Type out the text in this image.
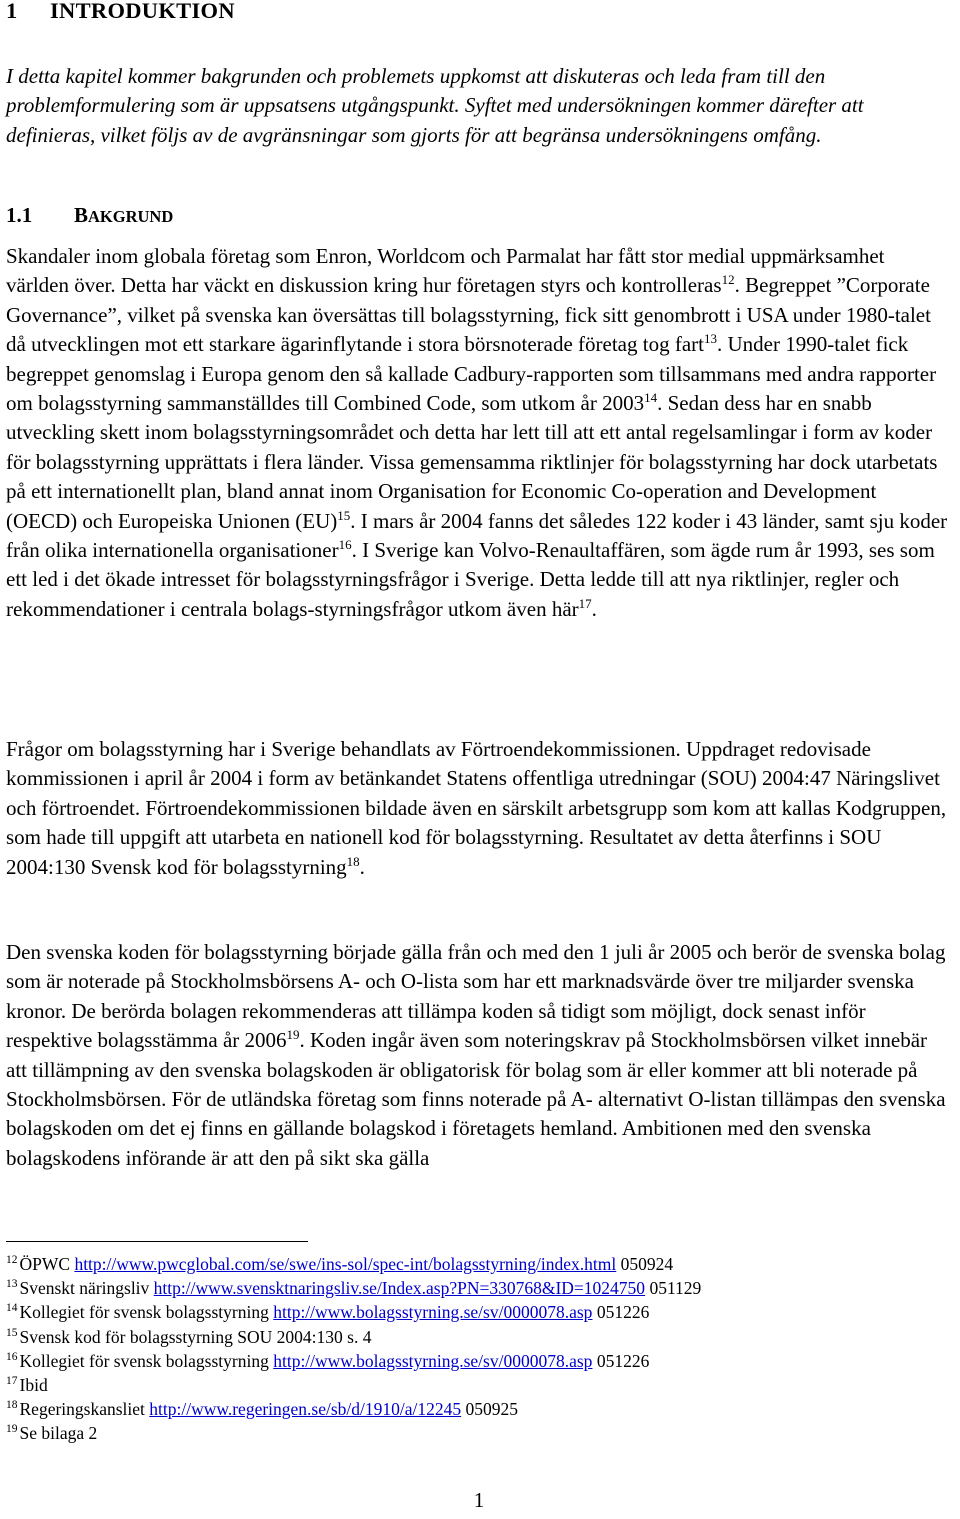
1 INTRODUKTION

I detta kapitel kommer bakgrunden och problemets uppkomst att diskuteras och leda fram till den problemformulering som är uppsatsens utgångspunkt. Syftet med undersökningen kommer därefter att definieras, vilket följs av de avgränsningar som gjorts för att begränsa undersökningens omfång.

1.1 BAKGRUND

Skandaler inom globala företag som Enron, Worldcom och Parmalat har fått stor medial uppmärksamhet världen över. Detta har väckt en diskussion kring hur företagen styrs och kontrolleras$^{12}$. Begreppet ”Corporate Governance”, vilket på svenska kan översättas till bolagsstyrning, fick sitt genombrott i USA under 1980-talet då utvecklingen mot ett starkare ägarinflytande i stora börsnoterade företag tog fart$^{13}$. Under 1990-talet fick begreppet genomslag i Europa genom den så kallade Cadbury-rapporten som tillsammans med andra rapporter om bolagsstyrning sammanställdes till Combined Code, som utkom år 2003$^{14}$. Sedan dess har en snabb utveckling skett inom bolagsstyrningsområdet och detta har lett till att ett antal regelsamlingar i form av koder för bolagsstyrning upprättats i flera länder. Vissa gemensamma riktlinjer för bolagsstyrning har dock utarbetats på ett internationellt plan, bland annat inom Organisation for Economic Co-operation and Development (OECD) och Europeiska Unionen (EU)$^{15}$. I mars år 2004 fanns det således 122 koder i 43 länder, samt sju koder från olika internationella organisationer$^{16}$. I Sverige kan Volvo-Renaultaffären, som ägde rum år 1993, ses som ett led i det ökade intresset för bolagsstyrningsfrågor i Sverige. Detta ledde till att nya riktlinjer, regler och rekommendationer i centrala bolags-styrningsfrågor utkom även här$^{17}$.

Frågor om bolagsstyrning har i Sverige behandlats av Förtroendekommissionen. Uppdraget redovisade kommissionen i april år 2004 i form av betänkandet Statens offentliga utredningar (SOU) 2004:47 Näringslivet och förtroendet. Förtroendekommissionen bildade även en särskilt arbetsgrupp som kom att kallas Kodgruppen, som hade till uppgift att utarbeta en nationell kod för bolagsstyrning. Resultatet av detta återfinns i SOU 2004:130 Svensk kod för bolagsstyrning$^{18}$.

Den svenska koden för bolagsstyrning började gälla från och med den 1 juli år 2005 och berör de svenska bolag som är noterade på Stockholmsbörsens A- och O-lista som har ett marknadsvärde över tre miljarder svenska kronor. De berörda bolagen rekommenderas att tillämpa koden så tidigt som möjligt, dock senast inför respektive bolagsstämma år 2006$^{19}$. Koden ingår även som noteringskrav på Stockholmsbörsen vilket innebär att tillämpning av den svenska bolagskoden är obligatorisk för bolag som är eller kommer att bli noterade på Stockholmsbörsen. För de utländska företag som finns noterade på A- alternativt O-listan tillämpas den svenska bolagskoden om det ej finns en gällande bolagskod i företagets hemland. Ambitionen med den svenska bolagskodens införande är att den på sikt ska gälla

$^{12}$ ÖPWC http://www.pwcglobal.com/se/swe/ins-sol/spec-int/bolagsstyrning/index.html 050924
$^{13}$ Svenskt näringsliv http://www.svensktnaringsliv.se/Index.asp?PN=330768&ID=1024750 051129
$^{14}$ Kollegiet för svensk bolagsstyrning http://www.bolagsstyrning.se/sv/0000078.asp 051226
$^{15}$ Svensk kod för bolagsstyrning SOU 2004:130 s. 4
$^{16}$ Kollegiet för svensk bolagsstyrning http://www.bolagsstyrning.se/sv/0000078.asp 051226
$^{17}$ Ibid
$^{18}$ Regeringskansliet http://www.regeringen.se/sb/d/1910/a/12245 050925
$^{19}$ Se bilaga 2
1
